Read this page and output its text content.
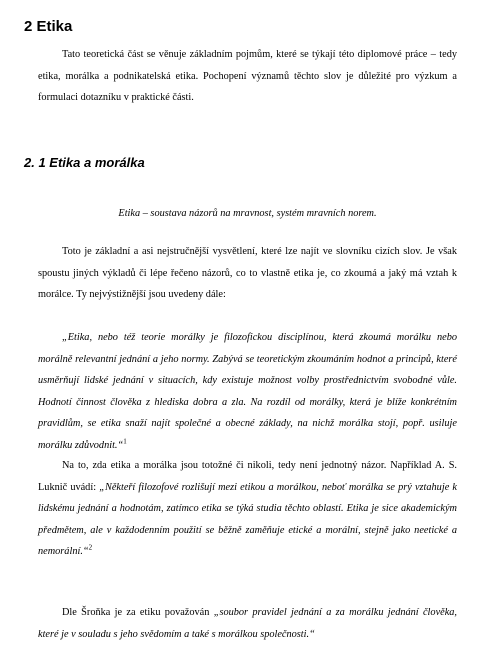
2 Etika
Tato teoretická část se věnuje základním pojmům, které se týkají této diplomové práce – tedy etika, morálka a podnikatelská etika. Pochopení významů těchto slov je důležité pro výzkum a formulaci dotazníku v praktické části.
2. 1 Etika a morálka
Etika – soustava názorů na mravnost, systém mravních norem.
Toto je základní a asi nejstručnější vysvětlení, které lze najít ve slovníku cizích slov. Je však spoustu jiných výkladů či lépe řečeno názorů, co to vlastně etika je, co zkoumá a jaký má vztah k morálce. Ty nejvýstižnější jsou uvedeny dále:
„Etika, nebo též teorie morálky je filozofickou disciplínou, která zkoumá morálku nebo morálně relevantní jednání a jeho normy. Zabývá se teoretickým zkoumáním hodnot a principů, které usměrňují lidské jednání v situacích, kdy existuje možnost volby prostřednictvím svobodné vůle. Hodnotí činnost člověka z hlediska dobra a zla. Na rozdíl od morálky, která je blíže konkrétním pravidlům, se etika snaží najít společné a obecné základy, na nichž morálka stojí, popř. usiluje morálku zdůvodnit.“$^1$
Na to, zda etika a morálka jsou totožné či nikoli, tedy není jednotný názor. Například A. S. Luknič uvádí: „Někteří filozofové rozlišují mezi etikou a morálkou, neboť morálka se prý vztahuje k lidskému jednání a hodnotám, zatímco etika se týká studia těchto oblastí. Etika je sice akademickým předmětem, ale v každodenním použití se běžně zaměňuje etické a morální, stejně jako neetické a nemorální.“$^2$
Dle Šroňka je za etiku považován „soubor pravidel jednání a za morálku jednání člověka, které je v souladu s jeho svědomím a také s morálkou společnosti.“
